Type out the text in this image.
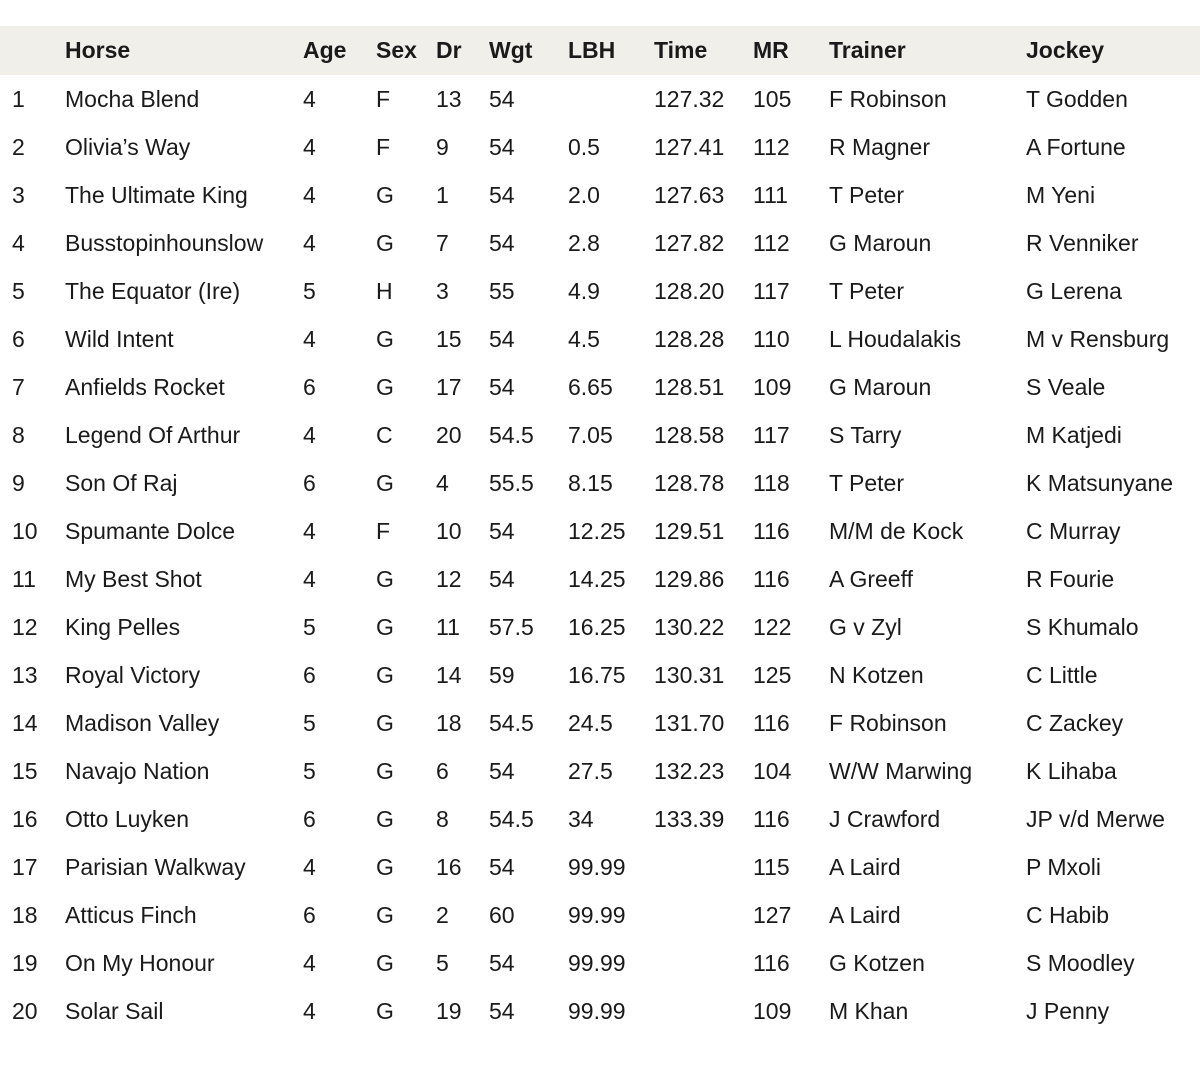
	Horse	Age	Sex	Dr	Wgt	LBH	Time	MR	Trainer	Jockey
1	Mocha Blend	4	F	13	54		127.32	105	F Robinson	T Godden
2	Olivia’s Way	4	F	9	54	0.5	127.41	112	R Magner	A Fortune
3	The Ultimate King	4	G	1	54	2.0	127.63	111	T Peter	M Yeni
4	Busstopinhounslow	4	G	7	54	2.8	127.82	112	G Maroun	R Venniker
5	The Equator (Ire)	5	H	3	55	4.9	128.20	117	T Peter	G Lerena
6	Wild Intent	4	G	15	54	4.5	128.28	110	L Houdalakis	M v Rensburg
7	Anfields Rocket	6	G	17	54	6.65	128.51	109	G Maroun	S Veale
8	Legend Of Arthur	4	C	20	54.5	7.05	128.58	117	S Tarry	M Katjedi
9	Son Of Raj	6	G	4	55.5	8.15	128.78	118	T Peter	K Matsunyane
10	Spumante Dolce	4	F	10	54	12.25	129.51	116	M/M de Kock	C Murray
11	My Best Shot	4	G	12	54	14.25	129.86	116	A Greeff	R Fourie
12	King Pelles	5	G	11	57.5	16.25	130.22	122	G v Zyl	S Khumalo
13	Royal Victory	6	G	14	59	16.75	130.31	125	N Kotzen	C Little
14	Madison Valley	5	G	18	54.5	24.5	131.70	116	F Robinson	C Zackey
15	Navajo Nation	5	G	6	54	27.5	132.23	104	W/W Marwing	K Lihaba
16	Otto Luyken	6	G	8	54.5	34	133.39	116	J Crawford	JP v/d Merwe
17	Parisian Walkway	4	G	16	54	99.99		115	A Laird	P Mxoli
18	Atticus Finch	6	G	2	60	99.99		127	A Laird	C Habib
19	On My Honour	4	G	5	54	99.99		116	G Kotzen	S Moodley
20	Solar Sail	4	G	19	54	99.99		109	M Khan	J Penny
